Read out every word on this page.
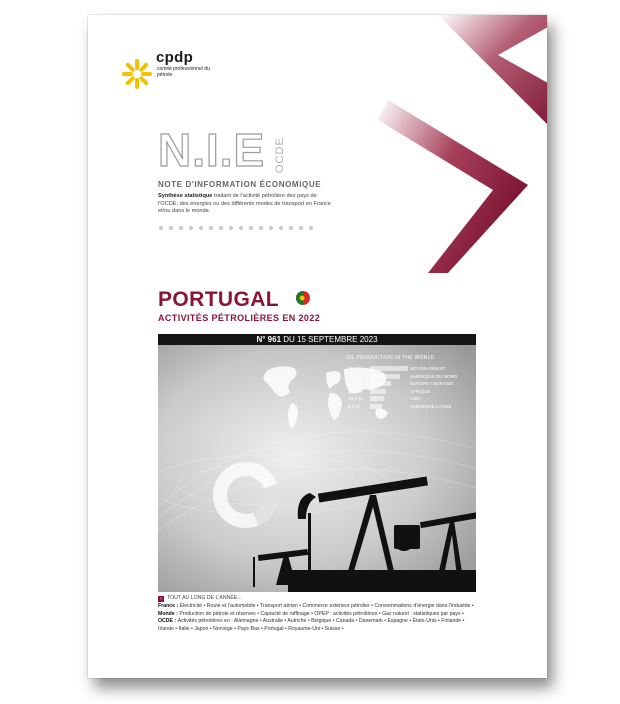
cpdp
comité professionnel du pétrole
N.I.E OCDE
NOTE D'INFORMATION ÉCONOMIQUE
Synthèse statistique traitant de l'activité pétrolière des pays de l'OCDE, des énergies ou des différents modes de transport en France et/ou dans le monde.
PORTUGAL
ACTIVITÉS PÉTROLIÈRES EN 2022
N° 961 DU 15 SEPTEMBRE 2023
OIL PRODUCTION IN THE WORLD
29,6 %	MOYEN-ORIENT
22,1 %	AMÉRIQUE DU NORD
14,8 %	EUROPE / EURASIE
10,6 %	AFRIQUE
10,2 %	ASIE
9,2 %	AMÉRIQUE LATINE
› TOUT AU LONG DE L'ANNÉE...
France : Électricité • Route et l'automobile • Transport aérien • Commerce extérieur pétrolier • Consommations d'énergie dans l'industrie • Monde : Production de pétrole et réserves • Capacité de raffinage • OPEP : activités pétrolières • Gaz naturel : statistiques par pays • OCDE : Activités pétrolières en : Allemagne • Australie • Autriche • Belgique • Canada • Danemark • Espagne • États-Unis • Finlande • Irlande • Italie • Japon • Norvège • Pays-Bas • Portugal • Royaume-Uni • Suisse •
